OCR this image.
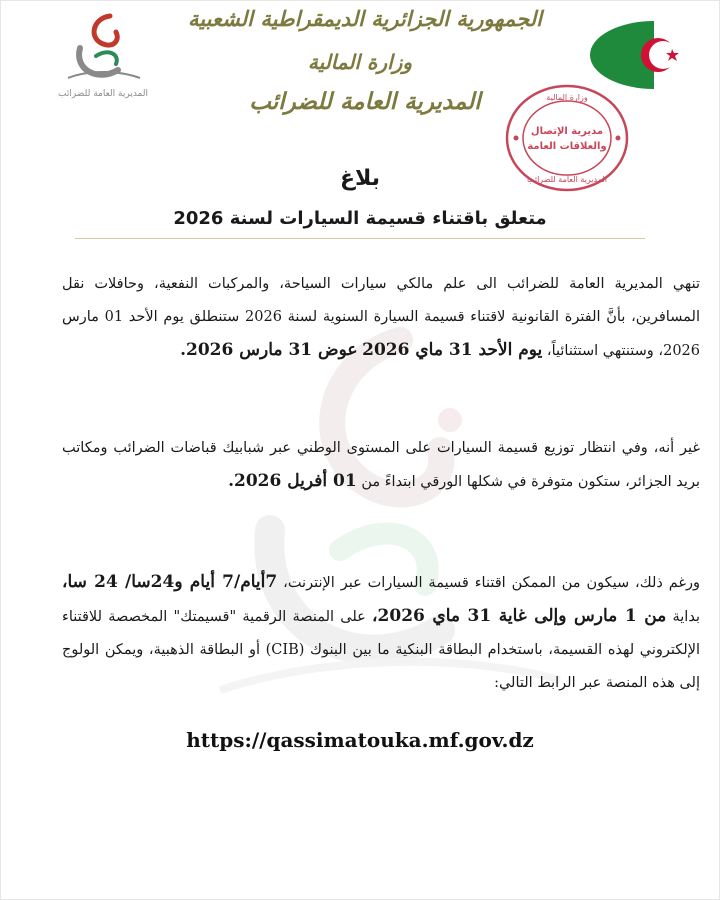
المديرية العامة للضرائب
الجمهورية الجزائرية الديمقراطية الشعبية
وزارة المالية
المديرية العامة للضرائب
مديرية الإتصال
والعلاقات العامة
وزارة المالية
المديرية العامة للضرائب
بلاغ
متعلق باقتناء قسيمة السيارات لسنة 2026
تنهي المديرية العامة للضرائب الى علم مالكي سيارات السياحة، والمركبات النفعية، وحافلات نقل المسافرين، بأنَّ الفترة القانونية لاقتناء قسيمة السيارة السنوية لسنة 2026 ستنطلق يوم الأحد 01 مارس 2026، وستنتهي استثنائياً، يوم الأحد 31 ماي 2026 عوض 31 مارس 2026.
غير أنه، وفي انتظار توزيع قسيمة السيارات على المستوى الوطني عبر شبابيك قباضات الضرائب ومكاتب بريد الجزائر، ستكون متوفرة في شكلها الورقي ابتداءً من 01 أفريل 2026.
ورغم ذلك، سيكون من الممكن اقتناء قسيمة السيارات عبر الإنترنت، 7أيام/7 أيام و24سا/ 24 سا، بداية من 1 مارس وإلى غاية 31 ماي 2026، على المنصة الرقمية "قسيمتك" المخصصة للاقتناء الإلكتروني لهذه القسيمة، باستخدام البطاقة البنكية ما بين البنوك (CIB) أو البطاقة الذهبية، ويمكن الولوج إلى هذه المنصة عبر الرابط التالي:
https://qassimatouka.mf.gov.dz
